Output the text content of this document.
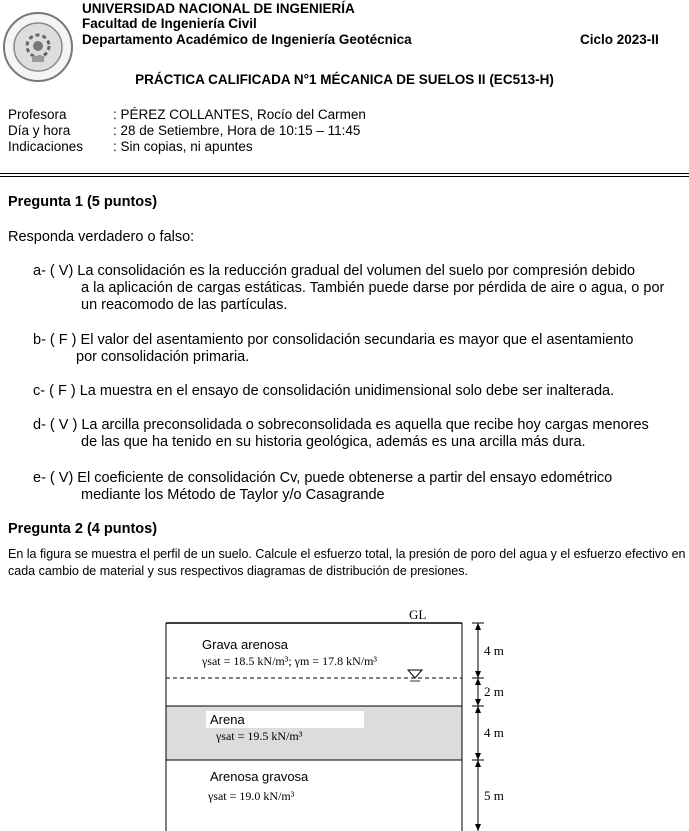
UNIVERSIDAD NACIONAL DE INGENIERÍA
Facultad de Ingeniería Civil
Departamento Académico de Ingeniería Geotécnica	Ciclo 2023-II
PRÁCTICA CALIFICADA N°1 MÉCANICA DE SUELOS II (EC513-H)
Profesora	: PÉREZ COLLANTES, Rocío del Carmen
Día y hora	: 28 de Setiembre, Hora de 10:15 – 11:45
Indicaciones : Sin copias, ni apuntes
Pregunta 1 (5 puntos)
Responda verdadero o falso:
a- ( V) La consolidación es la reducción gradual del volumen del suelo por compresión debido
a la aplicación de cargas estáticas. También puede darse por pérdida de aire o agua, o por un reacomodo de las partículas.
b- ( F ) El valor del asentamiento por consolidación secundaria es mayor que el asentamiento
por consolidación primaria.
c- ( F ) La muestra en el ensayo de consolidación unidimensional solo debe ser inalterada.
d- ( V ) La arcilla preconsolidada o sobreconsolidada es aquella que recibe hoy cargas menores
de las que ha tenido en su historia geológica, además es una arcilla más dura.
e- ( V) El coeficiente de consolidación Cv, puede obtenerse a partir del ensayo edométrico
mediante los Método de Taylor y/o Casagrande
Pregunta 2 (4 puntos)
En la figura se muestra el perfil de un suelo. Calcule el esfuerzo total, la presión de poro del agua y el esfuerzo efectivo en cada cambio de material y sus respectivos diagramas de distribución de presiones.
GL
Grava arenosa
γsat = 18.5 kN/m³; γm = 17.8 kN/m³
Arena
γsat = 19.5 kN/m³
Arenosa gravosa
γsat = 19.0 kN/m³
4 m
2 m
4 m
5 m
